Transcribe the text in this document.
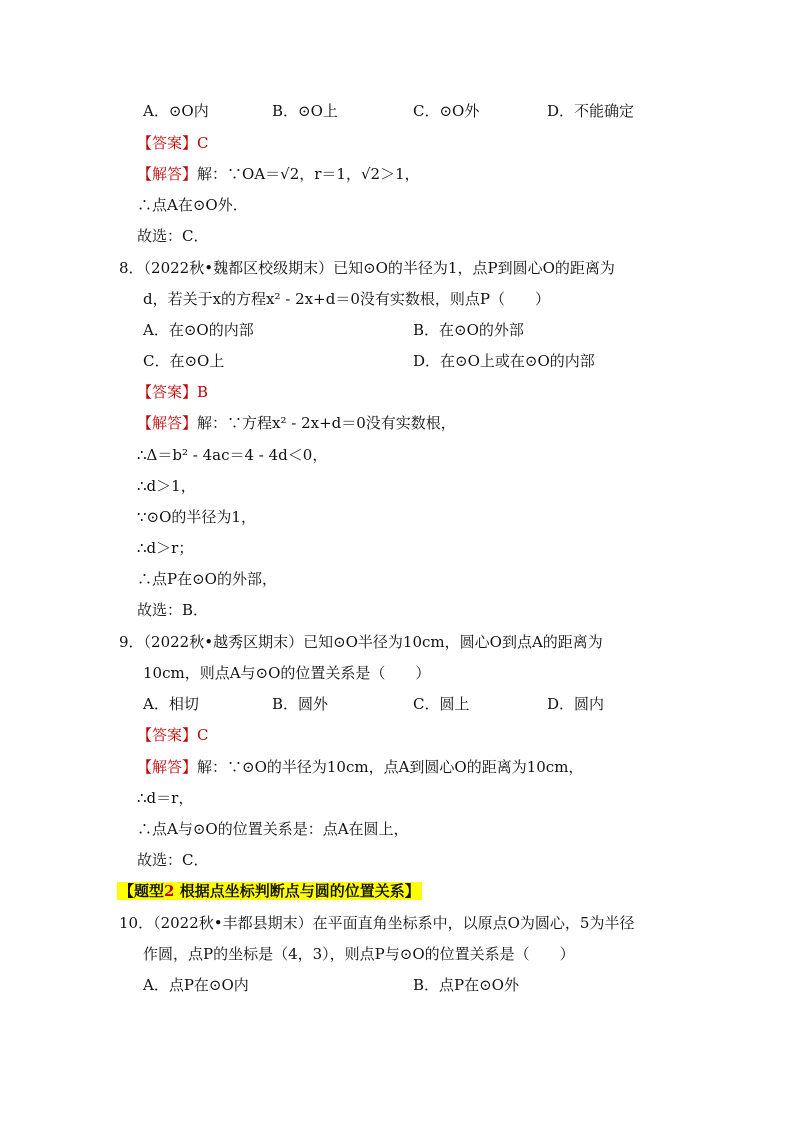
A．⊙O内	B．⊙O上	C．⊙O外	D．不能确定
【答案】C
【解答】解：∵OA＝√2，r＝1，√2＞1，
∴点A在⊙O外．
故选：C．
8．（2022秋•魏都区校级期末）已知⊙O的半径为1，点P到圆心O的距离为
d，若关于x的方程x² - 2x+d＝0没有实数根，则点P（　　）
A．在⊙O的内部	B．在⊙O的外部
C．在⊙O上	D．在⊙O上或在⊙O的内部
【答案】B
【解答】解：∵方程x² - 2x+d＝0没有实数根，
∴Δ＝b² - 4ac＝4 - 4d＜0，
∴d＞1，
∵⊙O的半径为1，
∴d＞r；
∴点P在⊙O的外部，
故选：B．
9．（2022秋•越秀区期末）已知⊙O半径为10cm，圆心O到点A的距离为
10cm，则点A与⊙O的位置关系是（　　）
A．相切	B．圆外	C．圆上	D．圆内
【答案】C
【解答】解：∵⊙O的半径为10cm，点A到圆心O的距离为10cm，
∴d＝r，
∴点A与⊙O的位置关系是：点A在圆上，
故选：C．
【题型2 根据点坐标判断点与圆的位置关系】
10．（2022秋•丰都县期末）在平面直角坐标系中，以原点O为圆心，5为半径
作圆，点P的坐标是（4，3），则点P与⊙O的位置关系是（　　）
A．点P在⊙O内	B．点P在⊙O外
